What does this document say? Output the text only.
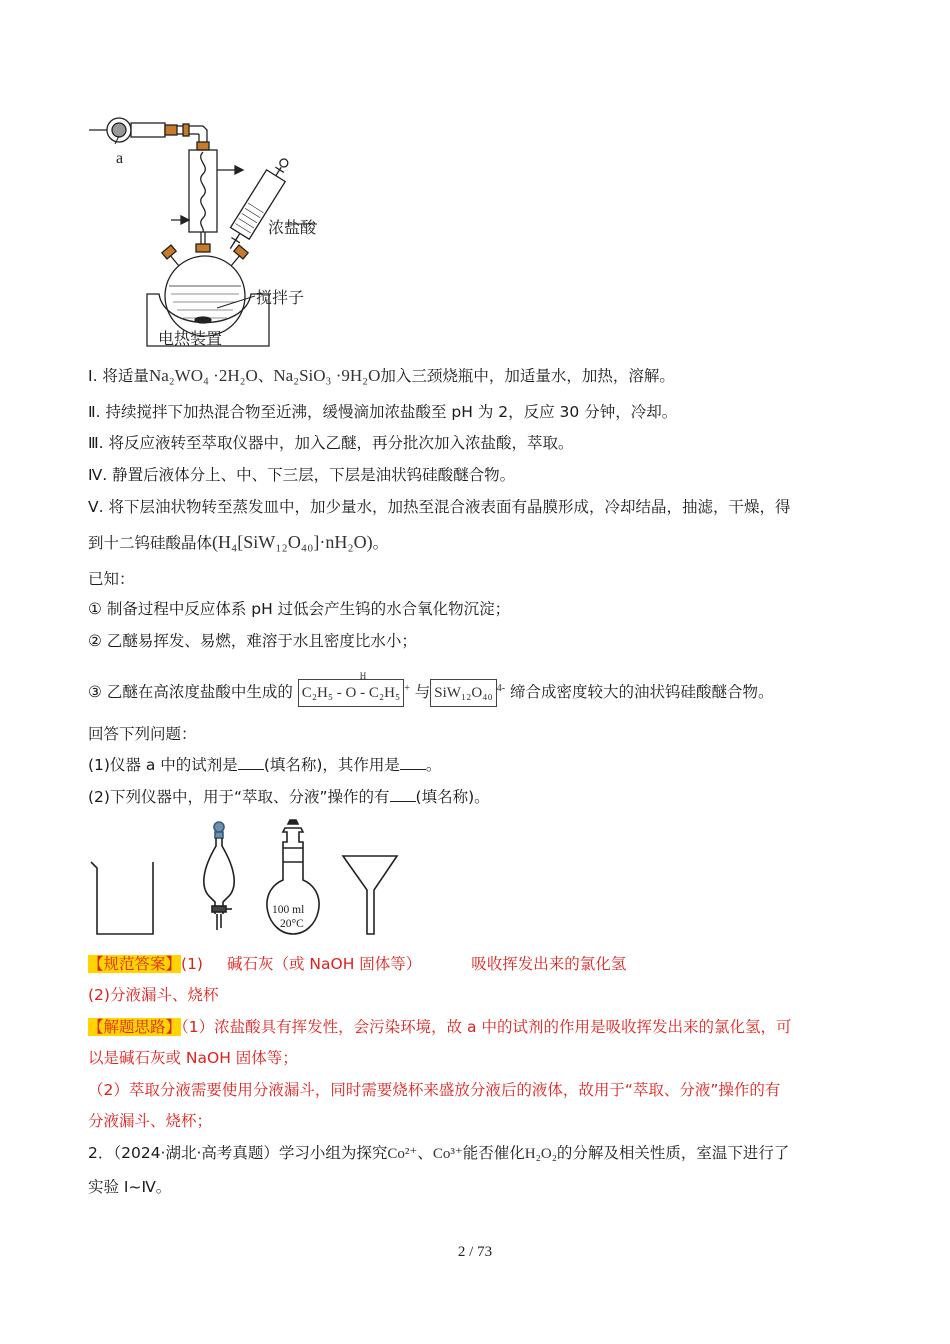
a
浓盐酸
搅拌子
电热装置
Ⅰ. 将适量Na₂WO₄ ·2H₂O、Na₂SiO₃ ·9H₂O加入三颈烧瓶中，加适量水，加热，溶解。
Ⅱ. 持续搅拌下加热混合物至近沸，缓慢滴加浓盐酸至 pH 为 2，反应 30 分钟，冷却。
Ⅲ. 将反应液转至萃取仪器中，加入乙醚，再分批次加入浓盐酸，萃取。
Ⅳ. 静置后液体分上、中、下三层，下层是油状钨硅酸醚合物。
Ⅴ. 将下层油状物转至蒸发皿中，加少量水，加热至混合液表面有晶膜形成，冷却结晶，抽滤，干燥，得
到十二钨硅酸晶体(H₄[SiW₁₂O₄₀]·nH₂O)。
已知：
① 制备过程中反应体系 pH 过低会产生钨的水合氧化物沉淀；
② 乙醚易挥发、易燃，难溶于水且密度比水小；
③ 乙醚在高浓度盐酸中生成的
H
C₂H₅ - O - C₂H₅ + 与 SiW₁₂O₄₀ $^{4-}$ 缔合成密度较大的油状钨硅酸醚合物。
回答下列问题：
(1)仪器 a 中的试剂是 (填名称)，其作用是 。
(2)下列仪器中，用于“萃取、分液”操作的有 (填名称)。
100 ml
20°C
【规范答案】(1) 碱石灰（或 NaOH 固体等）	吸收挥发出来的氯化氢
(2)分液漏斗、烧杯
【解题思路】（1）浓盐酸具有挥发性，会污染环境，故 a 中的试剂的作用是吸收挥发出来的氯化氢，可
以是碱石灰或 NaOH 固体等；
（2）萃取分液需要使用分液漏斗，同时需要烧杯来盛放分液后的液体，故用于“萃取、分液”操作的有
分液漏斗、烧杯；
2．（2024·湖北·高考真题）学习小组为探究Co²⁺、Co³⁺能否催化H₂O₂的分解及相关性质，室温下进行了
实验 Ⅰ~Ⅳ。
2 / 73
